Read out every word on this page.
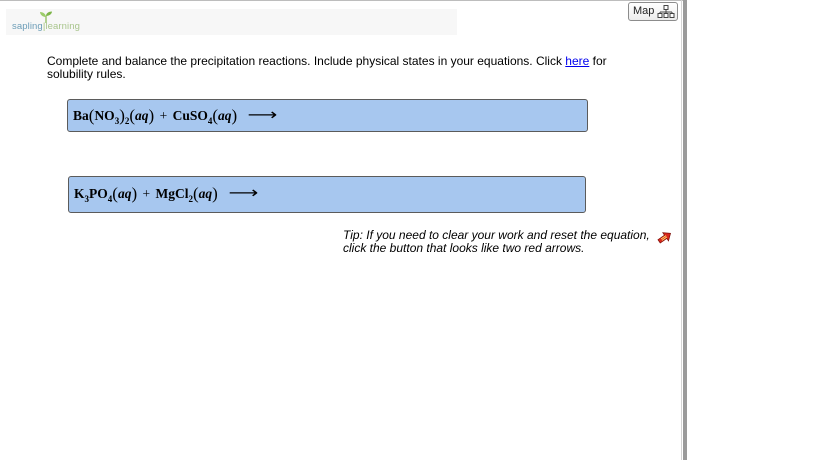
sapling|learning
Map
Complete and balance the precipitation reactions. Include physical states in your equations. Click here for solubility rules.
$Ba(NO_3)_2(aq)$ + CuSO$_4$(aq) ⟶
$K_3PO_4(aq)$ + MgCl$_2$(aq) ⟶
Tip: If you need to clear your work and reset the equation, click the button that looks like two red arrows.
